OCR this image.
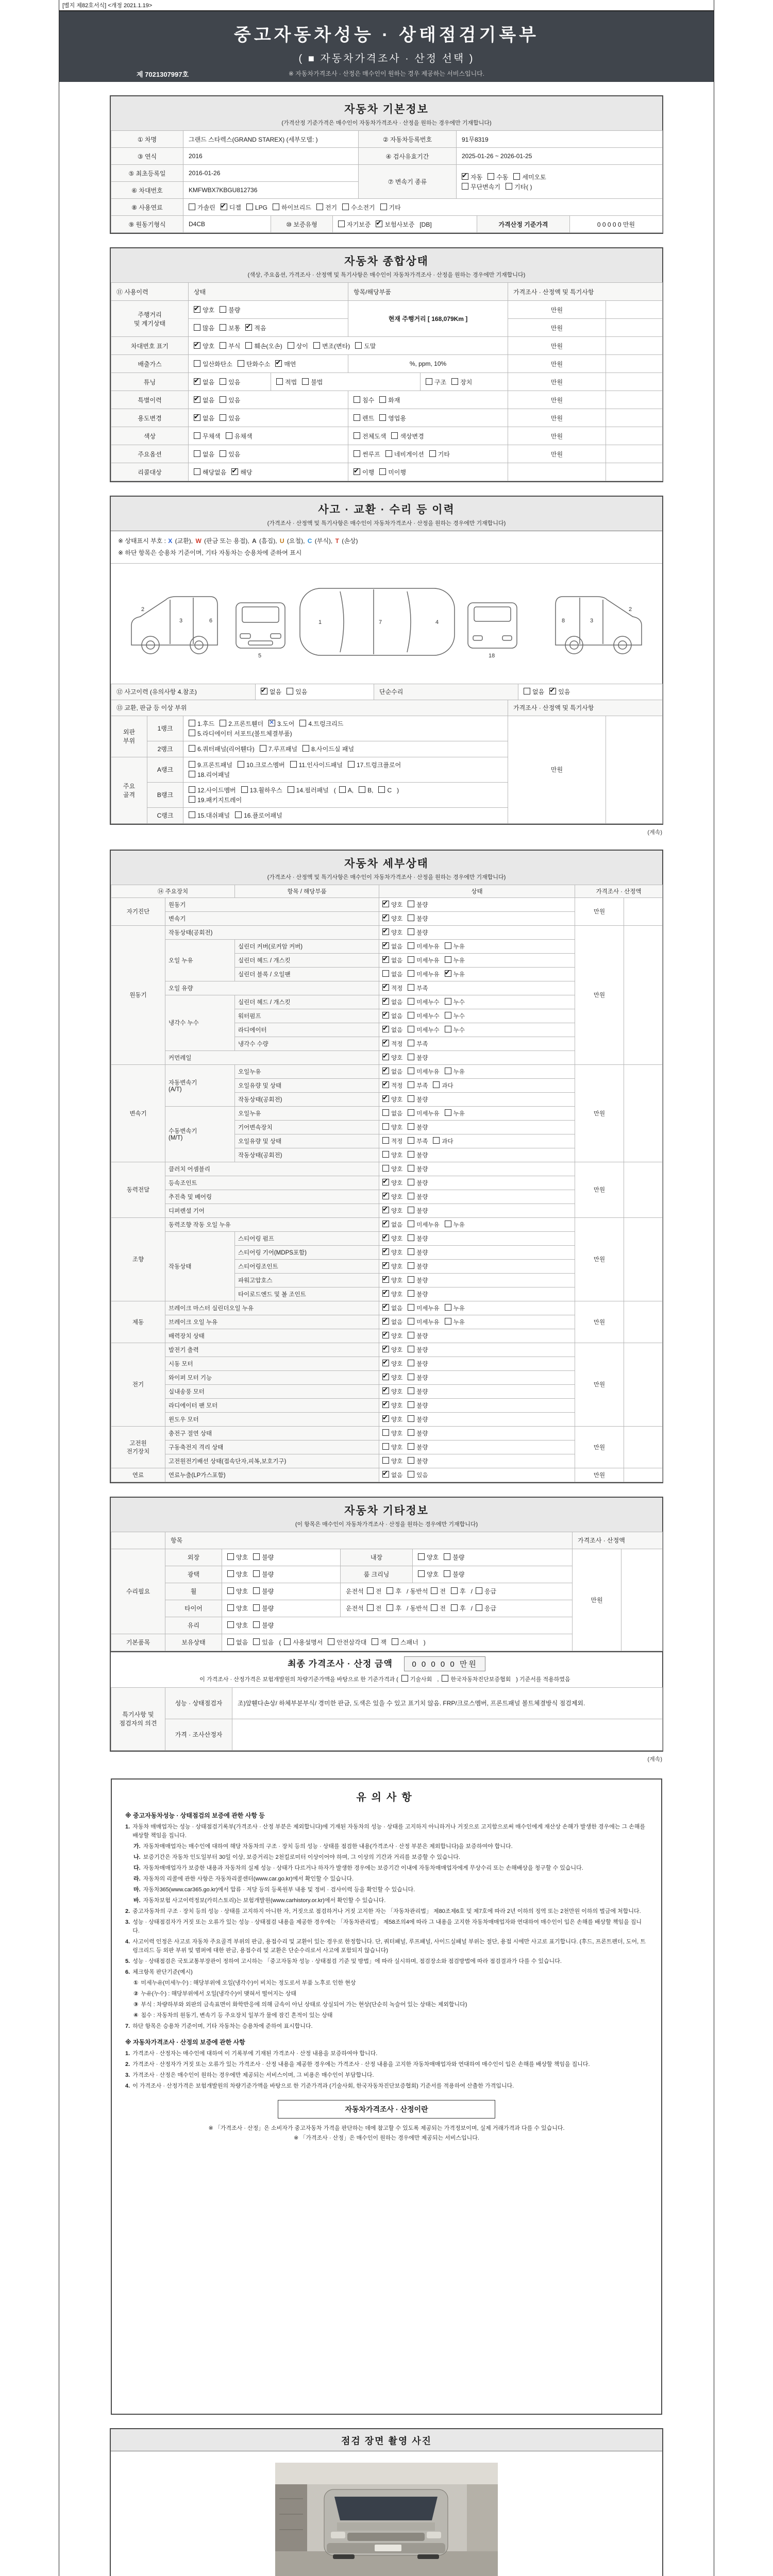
[별지 제82호서식] <개정 2021.1.19>
중고자동차성능 · 상태점검기록부
( ■ 자동차가격조사 · 산정 선택 )
※ 자동차가격조사 · 산정은 매수인이 원하는 경우 제공하는 서비스입니다.
제 7021307997호
자동차 기본정보
(가격산정 기준가격은 매수인이 자동차가격조사 · 산정을 원하는 경우에만 기재합니다)
① 차명	그랜드 스타렉스(GRAND STAREX) (세부모델: )	② 자동차등록번호	91무8319
③ 연식	2016	④ 검사유효기간	2025-01-26 ~ 2026-01-25
⑤ 최초등록일	2016-01-26	⑦ 변속기 종류	✔자동 수동 세미오토
무단변속기 기타( )
⑥ 차대번호	KMFWBX7KBGU812736		
⑧ 사용연료	가솔린 ✔ 디젤 LPG 하이브리드 전기 수소전기 기타
⑨ 원동기형식	D4CB	⑩ 보증유형	자기보증 ✔ 보험사보증 [DB]	가격산정 기준가격	0 0 0 0 0 만원
자동차 종합상태
(색상, 주요옵션, 가격조사 · 산정액 및 특기사항은 매수인이 자동차가격조사 · 산정을 원하는 경우에만 기재합니다)
⑪ 사용이력	상태	항목/해당부품	가격조사 · 산정액 및 특기사항
주행거리
및 계기상태	✔양호 불량	현재 주행거리 [ 168,079Km ]	만원	
	많음 보통 ✔ 적음		만원	
차대번호 표기	✔양호 부식 훼손(오손) 상이 변조(변타) 도말	만원	
배출가스	일산화탄소 탄화수소 ✔ 매연	%, ppm, 10%	만원	
튜닝	✔없음 있음	적법 불법	구조 장치	만원	
특별이력	✔없음 있음	침수 화재	만원	
용도변경	✔없음 있음	렌트 영업용	만원	
색상	무채색 유채색	전체도색 색상변경	만원	
주요옵션	없음 있음	썬루프 네비게이션 기타	만원	
리콜대상	해당없음 ✔ 해당	✔이행 미이행		
사고 · 교환 · 수리 등 이력
(가격조사 · 산정액 및 특기사항은 매수인이 자동차가격조사 · 산정을 원하는 경우에만 기재합니다)
※ 상태표시 부호 : X (교환), W (판금 또는 용접), A (흠집), U (요철), C (부식), T (손상)
※ 하단 항목은 승용차 기준이며, 기타 자동차는 승용차에 준하여 표시
2
3	6
5
1	7	4
18
2
3
8
⑫ 사고이력 (유의사항 4.참조)	✔없음 있음	단순수리	없음 ✔ 있음
⑬ 교환, 판금 등 이상 부위	가격조사 · 산정액 및 특기사항
외판
부위	1랭크	1.후드 2.프론트휀더 ✕ 3.도어 4.트렁크리드
5.라디에이터 서포트(볼트체결부품)	만원	
	2랭크	6.쿼터패널(리어휀다) 7.루프패널 8.사이드실 패널		
주요
골격	A랭크	9.프론트패널 10.크로스멤버 11.인사이드패널 17.트렁크플로어
18.리어패널		
	B랭크	12.사이드멤버 13.휠하우스 14.필러패널 ( A, B, C )
19.패키지트레이		
	C랭크	15.대쉬패널 16.플로어패널		
(계속)
자동차 세부상태
(가격조사 · 산정액 및 특기사항은 매수인이 자동차가격조사 · 산정을 원하는 경우에만 기재합니다)
⑭ 주요장치	항목 / 해당부품	상태	가격조사 · 산정액
자기진단	원동기	✔양호 불량	만원	
	변속기	✔양호 불량
원동기	작동상태(공회전)	✔양호 불량	만원	
	오일 누유	실린더 커버(로커암 커버)	✔없음 미세누유 누유
		실린더 헤드 / 개스킷	✔없음 미세누유 누유
		실린더 블록 / 오일팬	없음 미세누유 ✔ 누유
	오일 유량	✔적정 부족
	냉각수 누수	실린더 헤드 / 개스킷	✔없음 미세누수 누수
		워터펌프	✔없음 미세누수 누수
		라디에이터	✔없음 미세누수 누수
		냉각수 수량	✔적정 부족
	커먼레일	✔양호 불량
변속기	자동변속기
(A/T)	오일누유	✔없음 미세누유 누유	만원	
		오일유량 및 상태	✔적정 부족 과다
		작동상태(공회전)	✔양호 불량
	수동변속기
(M/T)	오일누유	없음 미세누유 누유		
		기어변속장치	양호 불량		
		오일유량 및 상태	적정 부족 과다		
		작동상태(공회전)	양호 불량		
동력전달	클러치 어셈블리	양호 불량	만원	
	등속조인트	✔양호 불량
	추진축 및 베어링	✔양호 불량
	디퍼렌셜 기어	✔양호 불량
조향	동력조향 작동 오일 누유	✔없음 미세누유 누유	만원	
	작동상태	스티어링 펌프	✔양호 불량
		스티어링 기어(MDPS포함)	✔양호 불량
		스티어링조인트	✔양호 불량
		파워고압호스	✔양호 불량
		타이로드엔드 및 볼 조인트	✔양호 불량
제동	브레이크 마스터 실린더오일 누유	✔없음 미세누유 누유	만원	
	브레이크 오일 누유	✔없음 미세누유 누유
	배력장치 상태	✔양호 불량
전기	발전기 출력	✔양호 불량	만원	
	시동 모터	✔양호 불량
	와이퍼 모터 기능	✔양호 불량
	실내송풍 모터	✔양호 불량
	라디에이터 팬 모터	✔양호 불량
	윈도우 모터	✔양호 불량
고전원
전기장치	충전구 절연 상태	양호 불량	만원	
	구동축전지 격리 상태	양호 불량		
	고전원전기배선 상태(접속단자,피복,보호기구)	양호 불량		
연료	연료누출(LP가스포함)	✔없음 있음	만원	
자동차 기타정보
(이 항목은 매수인이 자동차가격조사 · 산정을 원하는 경우에만 기재합니다)
	항목	가격조사 · 산정액
수리필요	외장	양호 불량	내장	양호 불량	만원	
	광택	양호 불량	룸 크리닝	양호 불량		
	휠	양호 불량	운전석 전 후 / 동반석 전 후 / 응급			
	타이어	양호 불량	운전석 전 후 / 동반석 전 후 / 응급			
	유리	양호 불량				
기본품목	보유상태	없음 있음 ( 사용설명서 안전삼각대 잭 스패너 )				
최종 가격조사 · 산정 금액 0 0 0 0 0 만원
이 가격조사 · 산정가격은 보험개발원의 차량기준가액을 바탕으로 한 기준가격과 ( 기술사회 , 한국자동차진단보증협회 ) 기준서를 적용하였음
특기사항 및
점검자의 의견	성능 · 상태점검자	조)앞휀다손상/ 하체부분부식/ 경미한 판금, 도색은 있을 수 있고 표기치 않음. FRP/크로스멤버, 프론트패널 볼트체결방식 점검제외.
	가격 · 조사산정자	
(계속)
유의사항
※ 중고자동차성능 · 상태점검의 보증에 관한 사항 등
1. 자동차 매매업자는 성능 · 상태점검기록부(가격조사 · 산정 부분은 제외합니다)에 기재된 자동차의 성능 · 상태를 고지하지 아니하거나 거짓으로 고지함으로써 매수인에게 재산상 손해가 발생한 경우에는 그 손해를 배상할 책임을 집니다.
가. 자동차매매업자는 매수인에 대하여 해당 자동차의 구조 · 장치 등의 성능 · 상태를 점검한 내용(가격조사 · 산정 부분은 제외합니다)을 보증하여야 합니다.
나. 보증기간은 자동차 인도일부터 30일 이상, 보증거리는 2천킬로미터 이상이어야 하며, 그 이상의 기간과 거리를 보증할 수 있습니다.
다. 자동차매매업자가 보증한 내용과 자동차의 실제 성능 · 상태가 다르거나 하자가 발생한 경우에는 보증기간 이내에 자동차매매업자에게 무상수리 또는 손해배상을 청구할 수 있습니다.
라. 자동차의 리콜에 관한 사항은 자동차리콜센터(www.car.go.kr)에서 확인할 수 있습니다.
마. 자동차365(www.car365.go.kr)에서 압류 · 저당 등의 등록원부 내용 및 정비 · 검사이력 등을 확인할 수 있습니다.
바. 자동차보험 사고이력정보(카히스토리)는 보험개발원(www.carhistory.or.kr)에서 확인할 수 있습니다.
2. 중고자동차의 구조 · 장치 등의 성능 · 상태를 고지하지 아니한 자, 거짓으로 점검하거나 거짓 고지한 자는 「자동차관리법」 제80조제6호 및 제7호에 따라 2년 이하의 징역 또는 2천만원 이하의 벌금에 처합니다.
3. 성능 · 상태점검자가 거짓 또는 오류가 있는 성능 · 상태점검 내용을 제공한 경우에는 「자동차관리법」 제58조의4에 따라 그 내용을 고지한 자동차매매업자와 연대하여 매수인이 입은 손해를 배상할 책임을 집니다.
4. 사고이력 인정은 사고로 자동차 주요골격 부위의 판금, 용접수리 및 교환이 있는 경우로 한정합니다. 단, 쿼터패널, 루프패널, 사이드실패널 부위는 절단, 용접 시에만 사고로 표기합니다. (후드, 프론트펜더, 도어, 트렁크리드 등 외판 부위 및 범퍼에 대한 판금, 용접수리 및 교환은 단순수리로서 사고에 포함되지 않습니다)
5. 성능 · 상태점검은 국토교통부장관이 정하여 고시하는 「중고자동차 성능 · 상태점검 기준 및 방법」에 따라 실시하며, 점검장소와 점검방법에 따라 점검결과가 다를 수 있습니다.
6. 체크항목 판단기준(예시)
① 미세누유(미세누수) : 해당부위에 오일(냉각수)이 비치는 정도로서 부품 노후로 인한 현상
② 누유(누수) : 해당부위에서 오일(냉각수)이 맺혀서 떨어지는 상태
③ 부식 : 차량하부와 외판의 금속표면이 화학반응에 의해 금속이 아닌 상태로 상실되어 가는 현상(단순히 녹슬어 있는 상태는 제외합니다)
④ 침수 : 자동차의 원동기, 변속기 등 주요장치 일부가 물에 잠긴 흔적이 있는 상태
7. 하단 항목은 승용차 기준이며, 기타 자동차는 승용차에 준하여 표시합니다.
※ 자동차가격조사 · 산정의 보증에 관한 사항
1. 가격조사 · 산정자는 매수인에 대하여 이 기록부에 기재된 가격조사 · 산정 내용을 보증하여야 합니다.
2. 가격조사 · 산정자가 거짓 또는 오류가 있는 가격조사 · 산정 내용을 제공한 경우에는 가격조사 · 산정 내용을 고지한 자동차매매업자와 연대하여 매수인이 입은 손해를 배상할 책임을 집니다.
3. 가격조사 · 산정은 매수인이 원하는 경우에만 제공되는 서비스이며, 그 비용은 매수인이 부담합니다.
4. 이 가격조사 · 산정가격은 보험개발원의 차량기준가액을 바탕으로 한 기준가격과 (기술사회, 한국자동차진단보증협회) 기준서를 적용하여 산출한 가격입니다.
자동차가격조사 · 산정이란
※ 「가격조사 · 산정」은 소비자가 중고자동차 가격을 판단하는 데에 참고할 수 있도록 제공되는 가격정보이며, 실제 거래가격과 다를 수 있습니다.
※ 「가격조사 · 산정」은 매수인이 원하는 경우에만 제공되는 서비스입니다.
점검 장면 촬영 사진
